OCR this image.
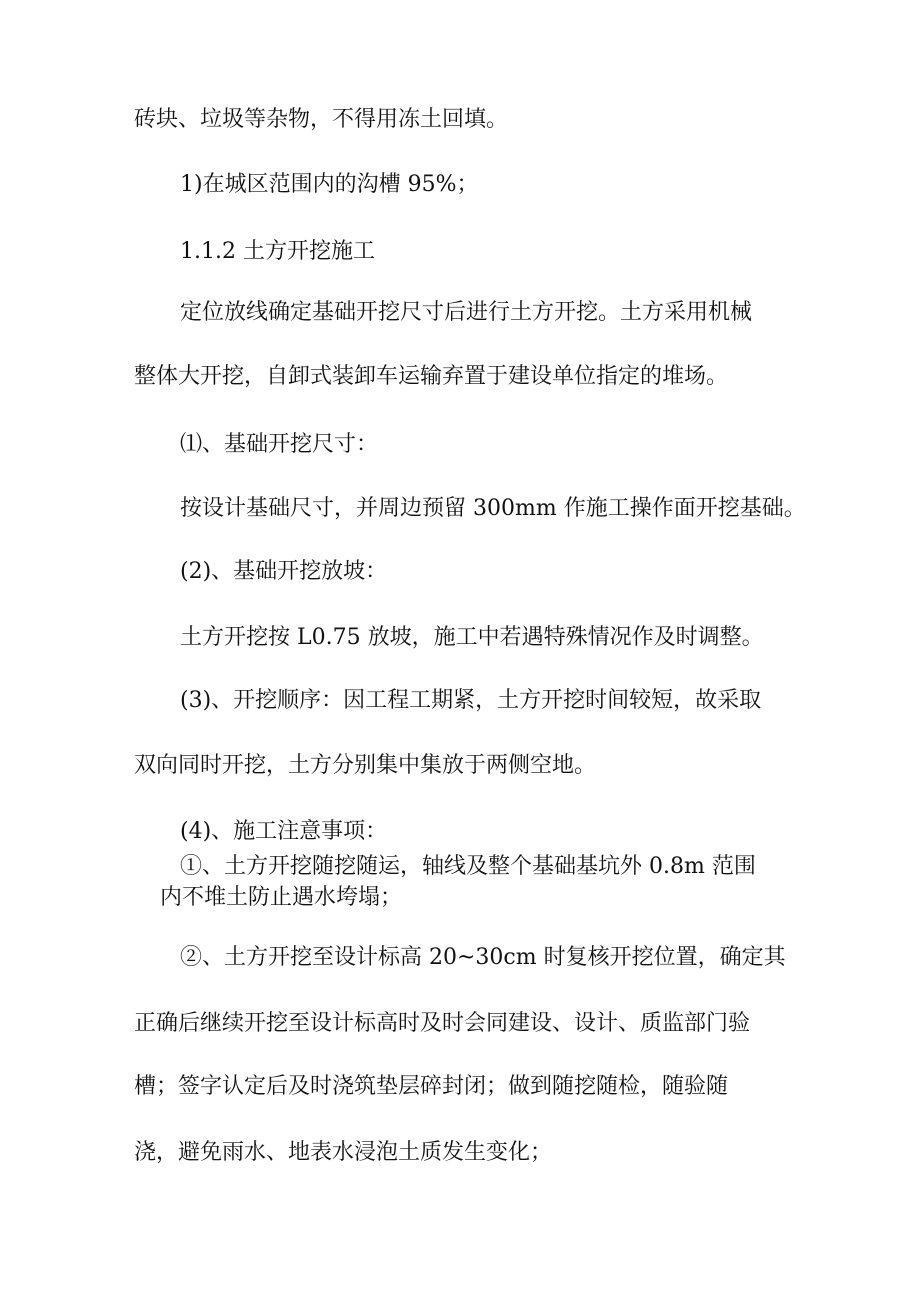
砖块、垃圾等杂物，不得用冻土回填。
1)在城区范围内的沟槽 95%；
1.1.2 土方开挖施工
定位放线确定基础开挖尺寸后进行土方开挖。土方采用机械
整体大开挖，自卸式装卸车运输弃置于建设单位指定的堆场。
⑴、基础开挖尺寸：
按设计基础尺寸，并周边预留 300mm 作施工操作面开挖基础。
(2)、基础开挖放坡：
土方开挖按 L0.75 放坡，施工中若遇特殊情况作及时调整。
(3)、开挖顺序：因工程工期紧，土方开挖时间较短，故采取
双向同时开挖，土方分别集中集放于两侧空地。
(4)、施工注意事项：
①、土方开挖随挖随运，轴线及整个基础基坑外 0.8m 范围
内不堆土防止遇水垮塌；
②、土方开挖至设计标高 20~30cm 时复核开挖位置，确定其
正确后继续开挖至设计标高时及时会同建设、设计、质监部门验
槽；签字认定后及时浇筑垫层碎封闭；做到随挖随检，随验随
浇，避免雨水、地表水浸泡土质发生变化；
